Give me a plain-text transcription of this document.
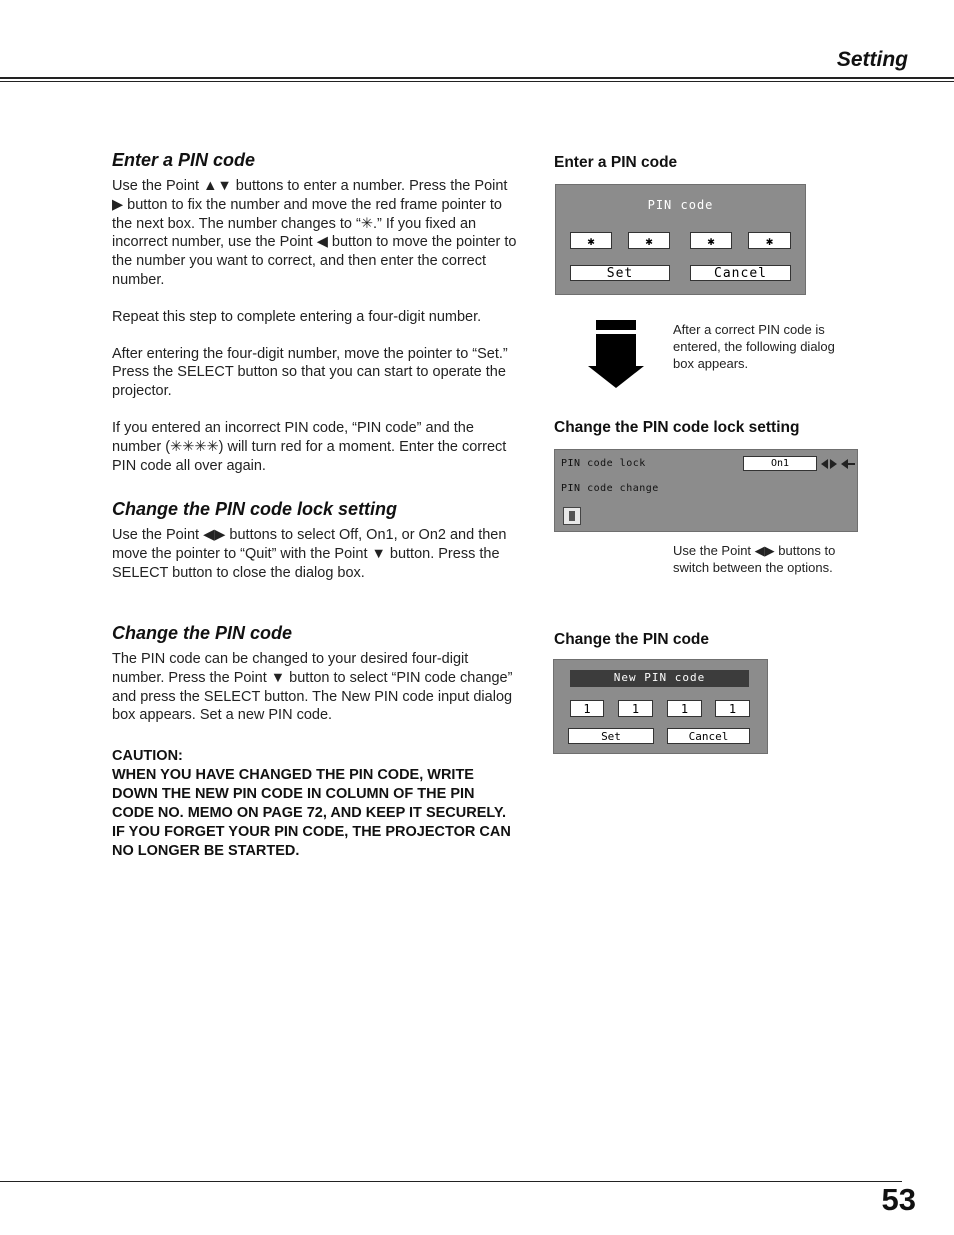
Setting
Enter a PIN code

Use the Point ▲▼ buttons to enter a number. Press the Point ▶ button to fix the number and move the red frame pointer to the next box. The number changes to “✳.” If you fixed an incorrect number, use the Point ◀ button to move the pointer to the number you want to correct, and then enter the correct number.

Repeat this step to complete entering a four-digit number.

After entering the four-digit number, move the pointer to “Set.” Press the SELECT button so that you can start to operate the projector.

If you entered an incorrect PIN code, “PIN code” and the number (✳✳✳✳) will turn red for a moment. Enter the correct PIN code all over again.

Change the PIN code lock setting

Use the Point ◀▶ buttons to select Off, On1, or On2 and then move the pointer to “Quit” with the Point ▼ button. Press the SELECT button to close the dialog box.

Change the PIN code

The PIN code can be changed to your desired four-digit number. Press the Point ▼ button to select “PIN code change” and press the SELECT button. The New PIN code input dialog box appears. Set a new PIN code.

CAUTION:

WHEN YOU HAVE CHANGED THE PIN CODE, WRITE DOWN THE NEW PIN CODE IN COLUMN OF THE PIN CODE NO. MEMO ON PAGE 72, AND KEEP IT SECURELY. IF YOU FORGET YOUR PIN CODE, THE PROJECTOR CAN NO LONGER BE STARTED.

Enter a PIN code
PIN code
✱	✱	✱	✱
Set	Cancel
After a correct PIN code is entered, the following dialog box appears.
Change the PIN code lock setting
PIN code lock
PIN code change
On1
Use the Point ◀▶ buttons to switch between the options.
Change the PIN code
New PIN code
1	1	1	1
Set	Cancel
53
